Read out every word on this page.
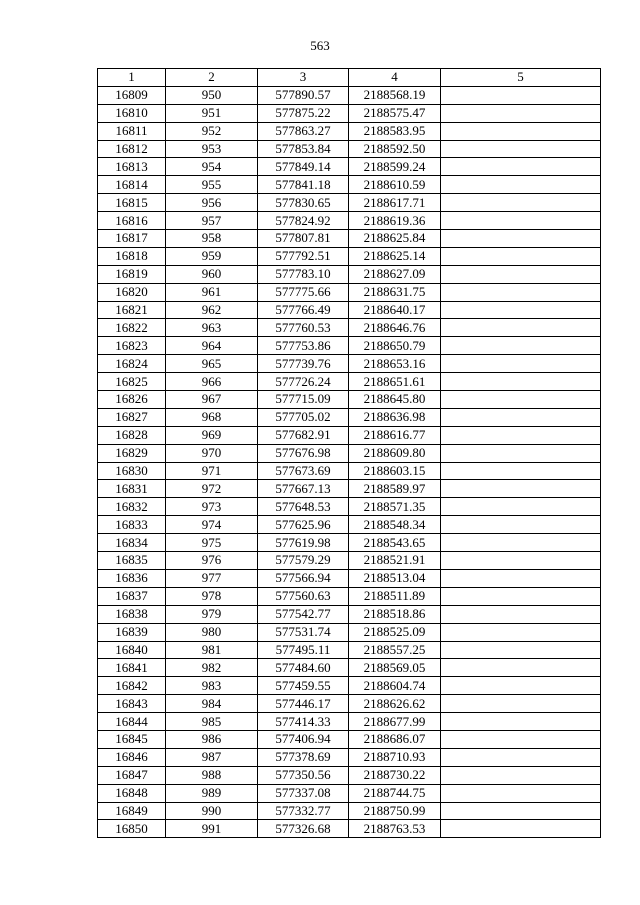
563
1	2	3	4	5
16809	950	577890.57	2188568.19	
16810	951	577875.22	2188575.47	
16811	952	577863.27	2188583.95	
16812	953	577853.84	2188592.50	
16813	954	577849.14	2188599.24	
16814	955	577841.18	2188610.59	
16815	956	577830.65	2188617.71	
16816	957	577824.92	2188619.36	
16817	958	577807.81	2188625.84	
16818	959	577792.51	2188625.14	
16819	960	577783.10	2188627.09	
16820	961	577775.66	2188631.75	
16821	962	577766.49	2188640.17	
16822	963	577760.53	2188646.76	
16823	964	577753.86	2188650.79	
16824	965	577739.76	2188653.16	
16825	966	577726.24	2188651.61	
16826	967	577715.09	2188645.80	
16827	968	577705.02	2188636.98	
16828	969	577682.91	2188616.77	
16829	970	577676.98	2188609.80	
16830	971	577673.69	2188603.15	
16831	972	577667.13	2188589.97	
16832	973	577648.53	2188571.35	
16833	974	577625.96	2188548.34	
16834	975	577619.98	2188543.65	
16835	976	577579.29	2188521.91	
16836	977	577566.94	2188513.04	
16837	978	577560.63	2188511.89	
16838	979	577542.77	2188518.86	
16839	980	577531.74	2188525.09	
16840	981	577495.11	2188557.25	
16841	982	577484.60	2188569.05	
16842	983	577459.55	2188604.74	
16843	984	577446.17	2188626.62	
16844	985	577414.33	2188677.99	
16845	986	577406.94	2188686.07	
16846	987	577378.69	2188710.93	
16847	988	577350.56	2188730.22	
16848	989	577337.08	2188744.75	
16849	990	577332.77	2188750.99	
16850	991	577326.68	2188763.53	
